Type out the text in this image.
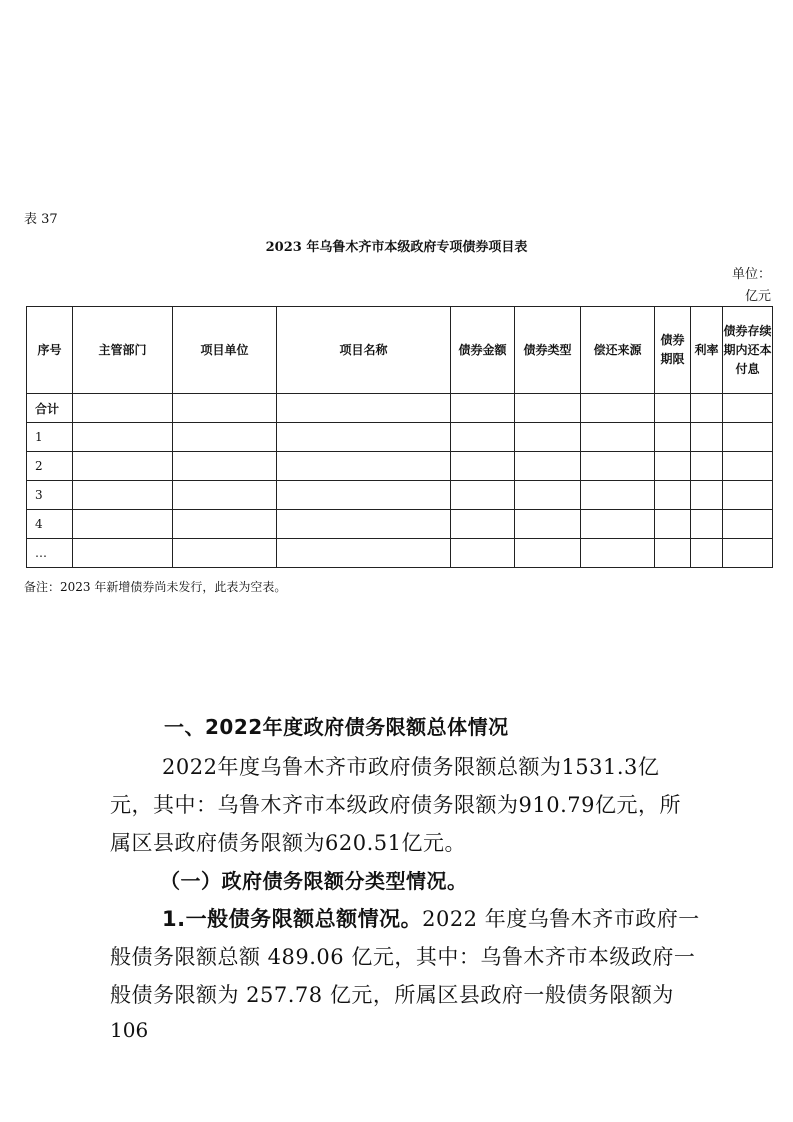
表 37
2023 年乌鲁木齐市本级政府专项债券项目表
单位：
亿元
序号	主管部门	项目单位	项目名称	债券金额	债券类型	偿还来源	债券期限	利率	债券存续期内还本付息
合计									
1									
2									
3									
4									
…									
备注：2023 年新增债券尚未发行，此表为空表。
一、2022年度政府债务限额总体情况
2022年度乌鲁木齐市政府债务限额总额为1531.3亿元，其中：乌鲁木齐市本级政府债务限额为910.79亿元，所属区县政府债务限额为620.51亿元。
（一）政府债务限额分类型情况。
1.一般债务限额总额情况。2022 年度乌鲁木齐市政府一般债务限额总额 489.06 亿元，其中：乌鲁木齐市本级政府一般债务限额为 257.78 亿元，所属区县政府一般债务限额为
106
